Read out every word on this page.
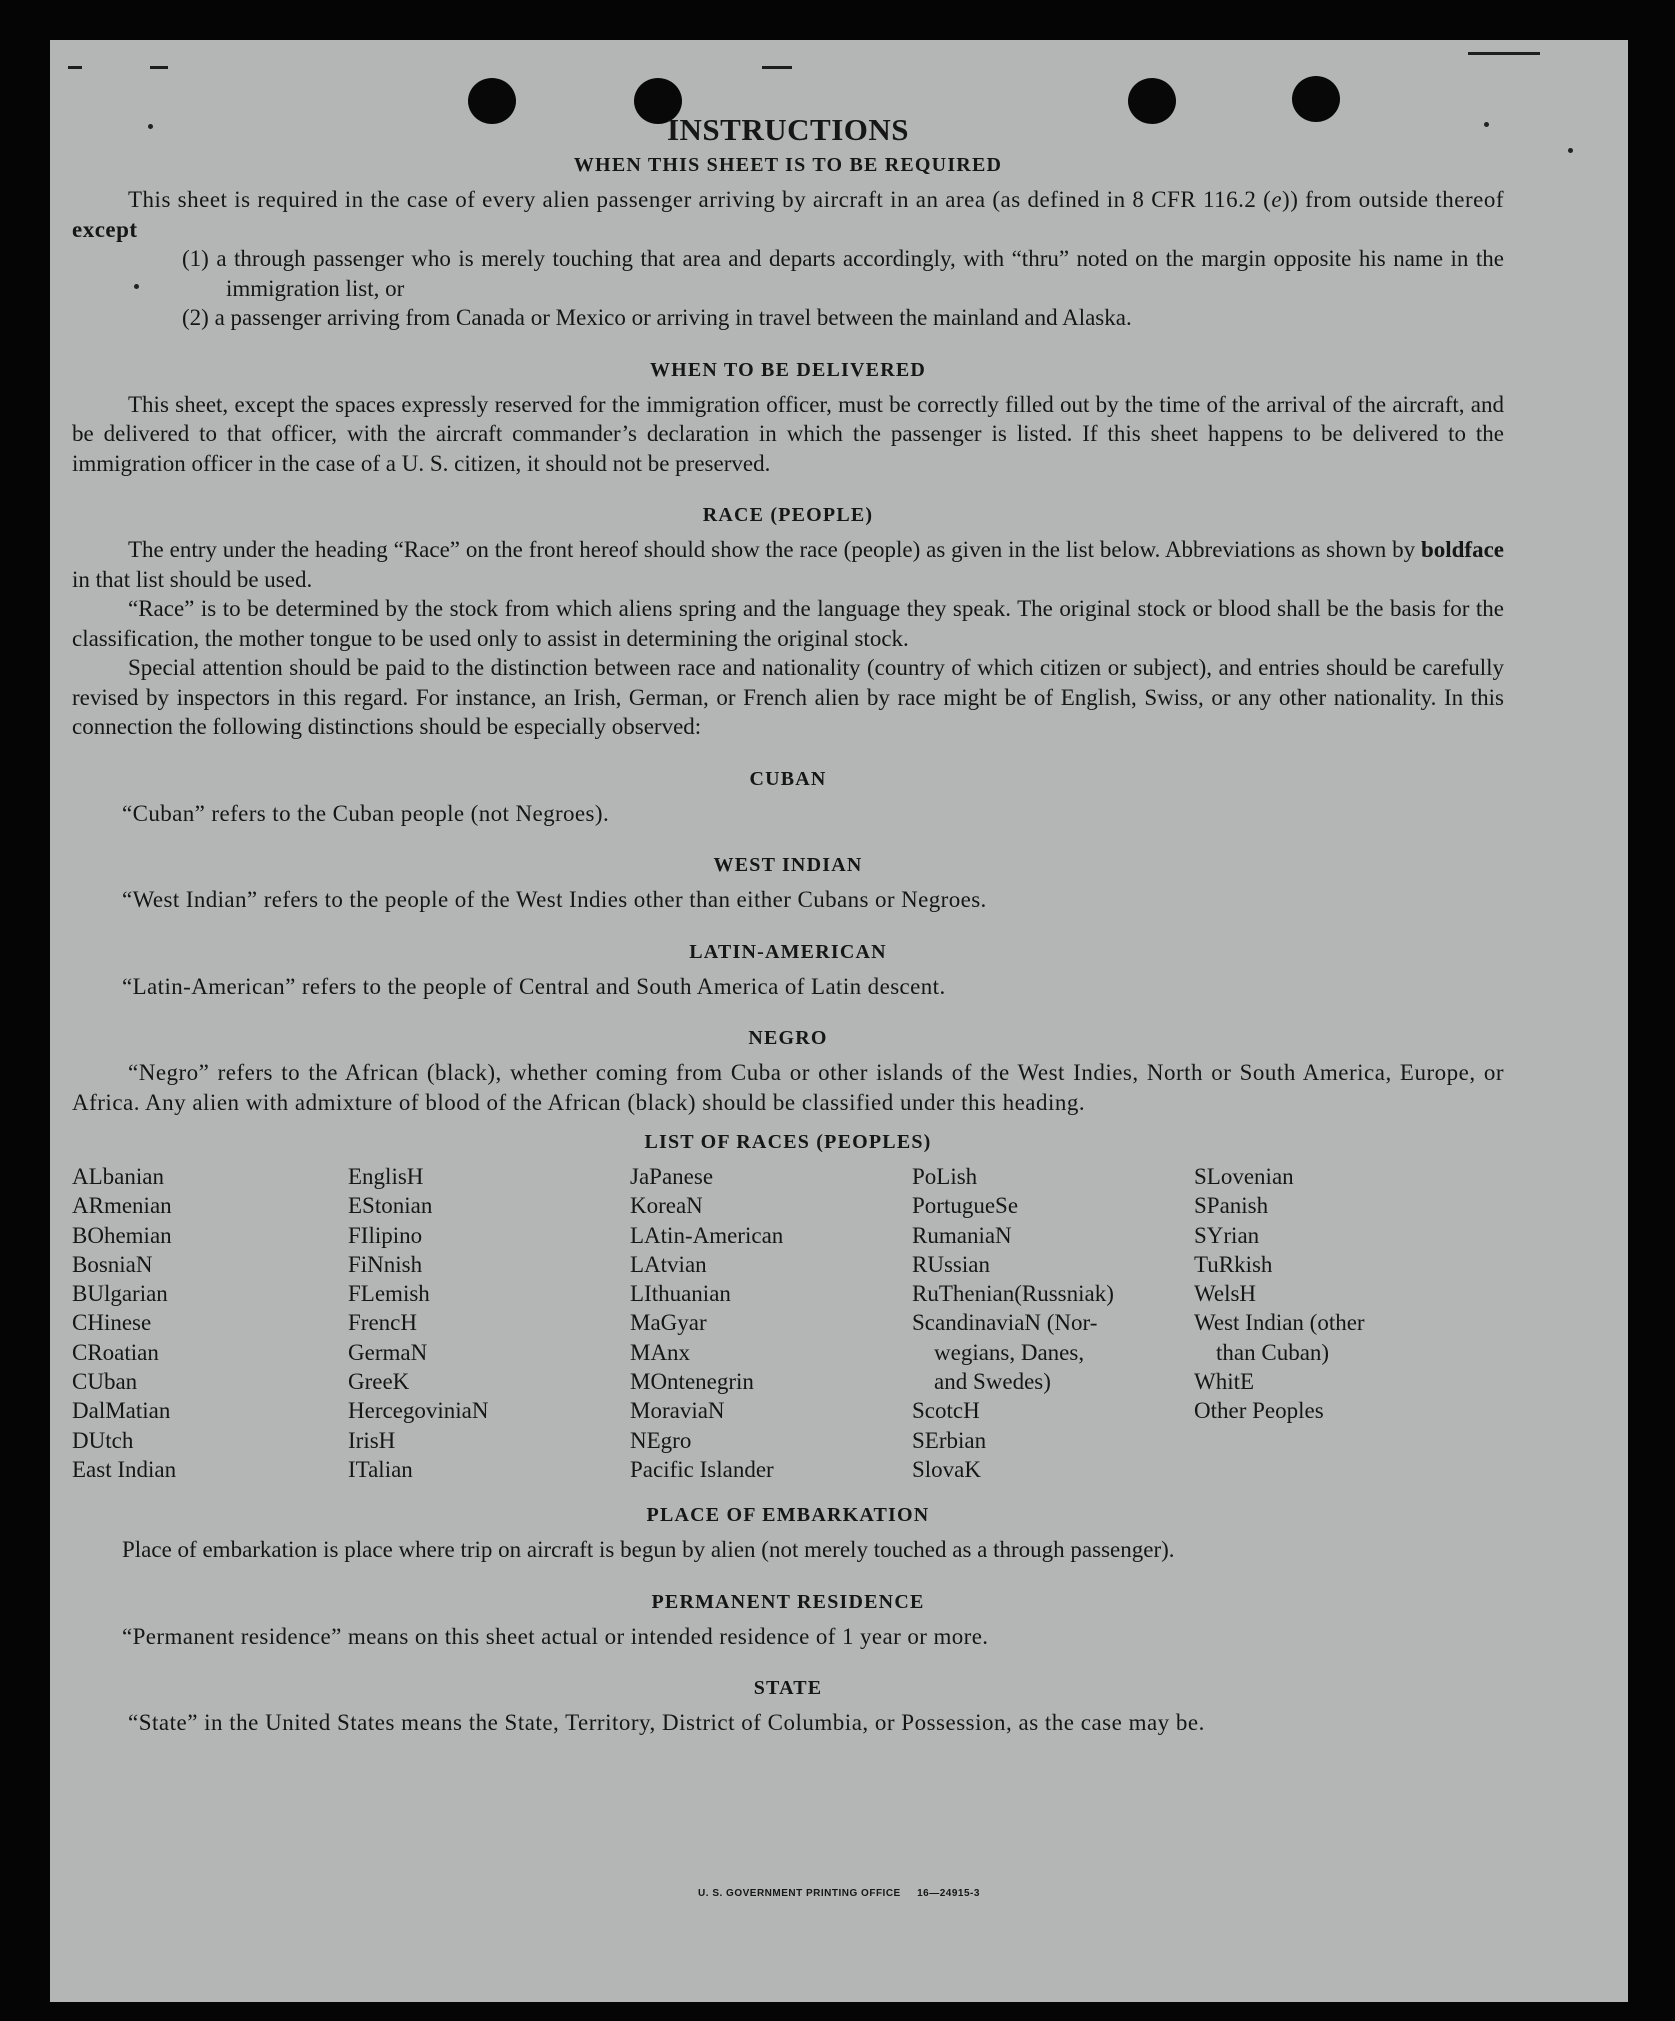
INSTRUCTIONS
WHEN THIS SHEET IS TO BE REQUIRED

This sheet is required in the case of every alien passenger arriving by aircraft in an area (as defined in 8 CFR 116.2 (e)) from outside thereof except

(1) a through passenger who is merely touching that area and departs accordingly, with “thru” noted on the margin opposite his name in the immigration list, or
(2) a passenger arriving from Canada or Mexico or arriving in travel between the mainland and Alaska.
WHEN TO BE DELIVERED

This sheet, except the spaces expressly reserved for the immigration officer, must be correctly filled out by the time of the arrival of the aircraft, and be delivered to that officer, with the aircraft commander’s declaration in which the passenger is listed. If this sheet happens to be delivered to the immigration officer in the case of a U. S. citizen, it should not be preserved.

RACE (PEOPLE)

The entry under the heading “Race” on the front hereof should show the race (people) as given in the list below. Abbreviations as shown by boldface in that list should be used.

“Race” is to be determined by the stock from which aliens spring and the language they speak. The original stock or blood shall be the basis for the classification, the mother tongue to be used only to assist in determining the original stock.

Special attention should be paid to the distinction between race and nationality (country of which citizen or subject), and entries should be carefully revised by inspectors in this regard. For instance, an Irish, German, or French alien by race might be of English, Swiss, or any other nationality. In this connection the following distinctions should be especially observed:

CUBAN
“Cuban” refers to the Cuban people (not Negroes).
WEST INDIAN
“West Indian” refers to the people of the West Indies other than either Cubans or Negroes.
LATIN-AMERICAN
“Latin-American” refers to the people of Central and South America of Latin descent.
NEGRO

“Negro” refers to the African (black), whether coming from Cuba or other islands of the West Indies, North or South America, Europe, or Africa. Any alien with admixture of blood of the African (black) should be classified under this heading.

LIST OF RACES (PEOPLES)
ALbanian
ARmenian
BOhemian
BosniaN
BUlgarian
CHinese
CRoatian
CUban
DalMatian
DUtch
East Indian
EnglisH
EStonian
FIlipino
FiNnish
FLemish
FrencH
GermaN
GreeK
HercegoviniaN
IrisH
ITalian
JaPanese
KoreaN
LAtin-American
LAtvian
LIthuanian
MaGyar
MAnx
MOntenegrin
MoraviaN
NEgro
Pacific Islander
PoLish
PortugueSe
RumaniaN
RUssian
RuThenian(Russniak)
ScandinaviaN (Nor-
wegians, Danes,
and Swedes)
ScotcH
SErbian
SlovaK
SLovenian
SPanish
SYrian
TuRkish
WelsH
West Indian (other
than Cuban)
WhitE
Other Peoples
PLACE OF EMBARKATION
Place of embarkation is place where trip on aircraft is begun by alien (not merely touched as a through passenger).
PERMANENT RESIDENCE
“Permanent residence” means on this sheet actual or intended residence of 1 year or more.
STATE

“State” in the United States means the State, Territory, District of Columbia, or Possession, as the case may be.

U. S. GOVERNMENT PRINTING OFFICE     16—24915-3
